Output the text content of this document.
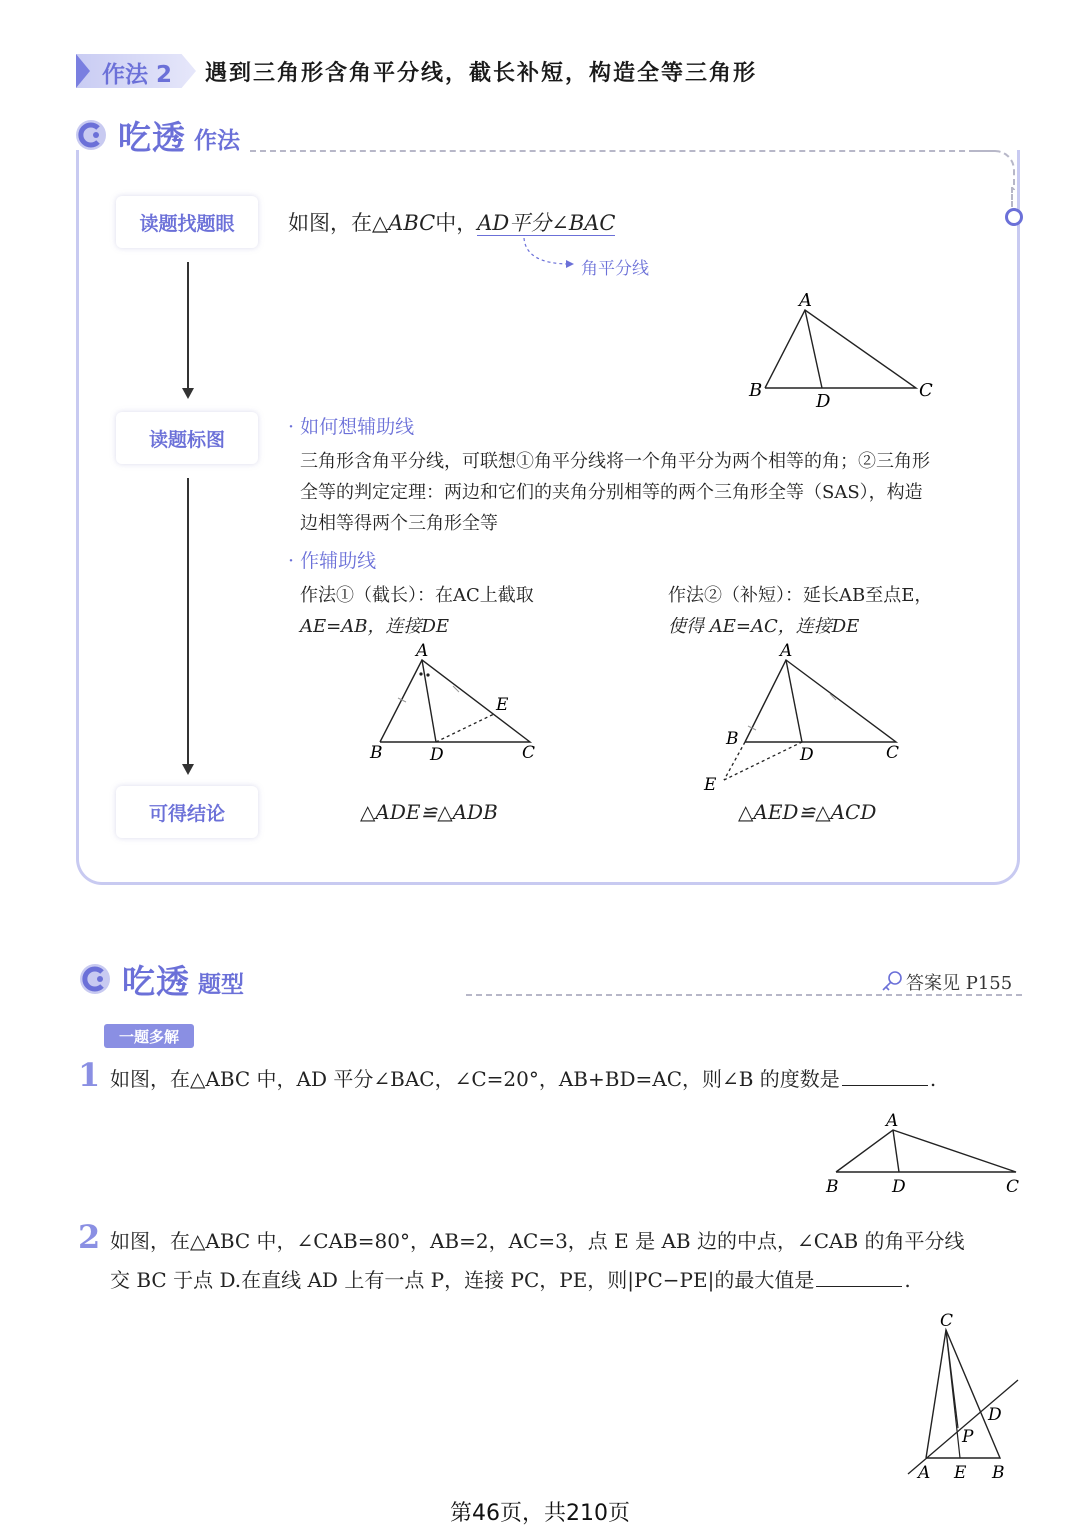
作法 2 遇到三角形含角平分线，截长补短，构造全等三角形
吃透 作法
读题找题眼
读题标图
可得结论
如图，在△ABC中，AD平分∠BAC
角平分线
A
B
D
C
· 如何想辅助线
三角形含角平分线，可联想①角平分线将一个角平分为两个相等的角；②三角形
全等的判定定理：两边和它们的夹角分别相等的两个三角形全等（SAS），构造
边相等得两个三角形全等
· 作辅助线
作法①（截长）：在AC上截取
AE=AB，连接DE
作法②（补短）：延长AB至点E，
使得 AE=AC，连接DE
A
B	D	C
E
A
B
D	C
E
△ADE≌△ADB	△AED≌△ACD
吃透 题型	答案见 P155
一题多解
1 如图，在△ABC 中，AD 平分∠BAC，∠C=20°，AB+BD=AC，则∠B 的度数是	.
A
B	D	C
2 如图，在△ABC 中，∠CAB=80°，AB=2，AC=3，点 E 是 AB 边的中点，∠CAB 的角平分线
交 BC 于点 D.在直线 AD 上有一点 P，连接 PC，PE，则|PC−PE|的最大值是	.
C
A E B
D
P
第46页，共210页
